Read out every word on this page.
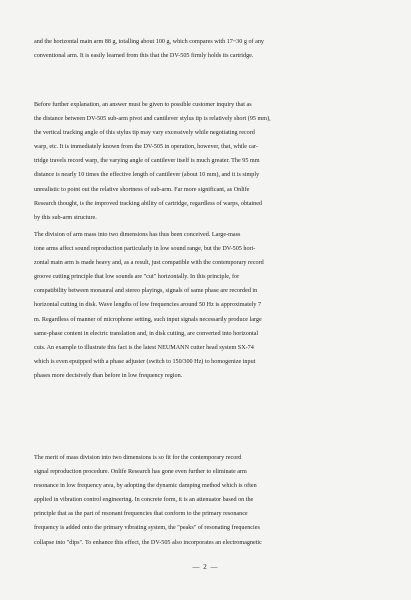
and the horizontal main arm 88 g, totalling about 100 g, which compares with 17~30 g of any
conventional arm. It is easily learned from this that the DV-505 firmly holds its cartridge.
Before further explanation, an answer must be given to possible customer inquiry that as
the distance between DV-505 sub-arm pivot and cantilever stylus tip is relatively short (95 mm),
the vertical tracking angle of this stylus tip may vary excessively while negotiating record
warp, etc. It is immediately known from the DV-505 in operation, however, that, while car-
tridge travels record warp, the varying angle of cantilever itself is much greater. The 95 mm
distance is nearly 10 times the effective length of cantilever (about 10 mm), and it is simply
unrealistic to point out the relative shortness of sub-arm. Far more significant, as Onlife
Research thought, is the improved tracking ability of cartridge, regardless of warps, obtained
by this sub-arm structure.
The division of arm mass into two dimensions has thus been conceived. Large-mass
tone arms affect sound reproduction particularly in low sound range, but the DV-505 hori-
zontal main arm is made heavy and, as a result, just compatible with the contemporary record
groove cutting principle that low sounds are "cut" horizontally. In this principle, for
compatibility between monaural and stereo playings, signals of same phase are recorded in
horizontal cutting in disk. Wave lengths of low frequencies around 50 Hz is approximately 7
m. Regardless of manner of microphone setting, such input signals necessarily produce large
same-phase content in electric translation and, in disk cutting, are converted into horizontal
cuts. An example to illustrate this fact is the latest NEUMANN cutter head system SX-74
which is even epuipped with a phase adjuster (switch to 150/300 Hz) to homogenize input
phases more decisively than before in low frequency region.
The merit of mass division into two dimensions is so fit for the contemporary record
signal reproduction procedure. Onlife Research has gone even further to eliminate arm
resonance in low frequency area, by adopting the dynamic damping method which is often
applied in vibration control engineering. In concrete form, it is an attenuator based on the
principle that as the part of resonant frequencies that conform to the primary resonance
frequency is added onto the primary vibrating system, the "peaks" of resonating frequencies
collapse into "dips". To enhance this effect, the DV-505 also incorporates an electromagnetic
— 2 —
